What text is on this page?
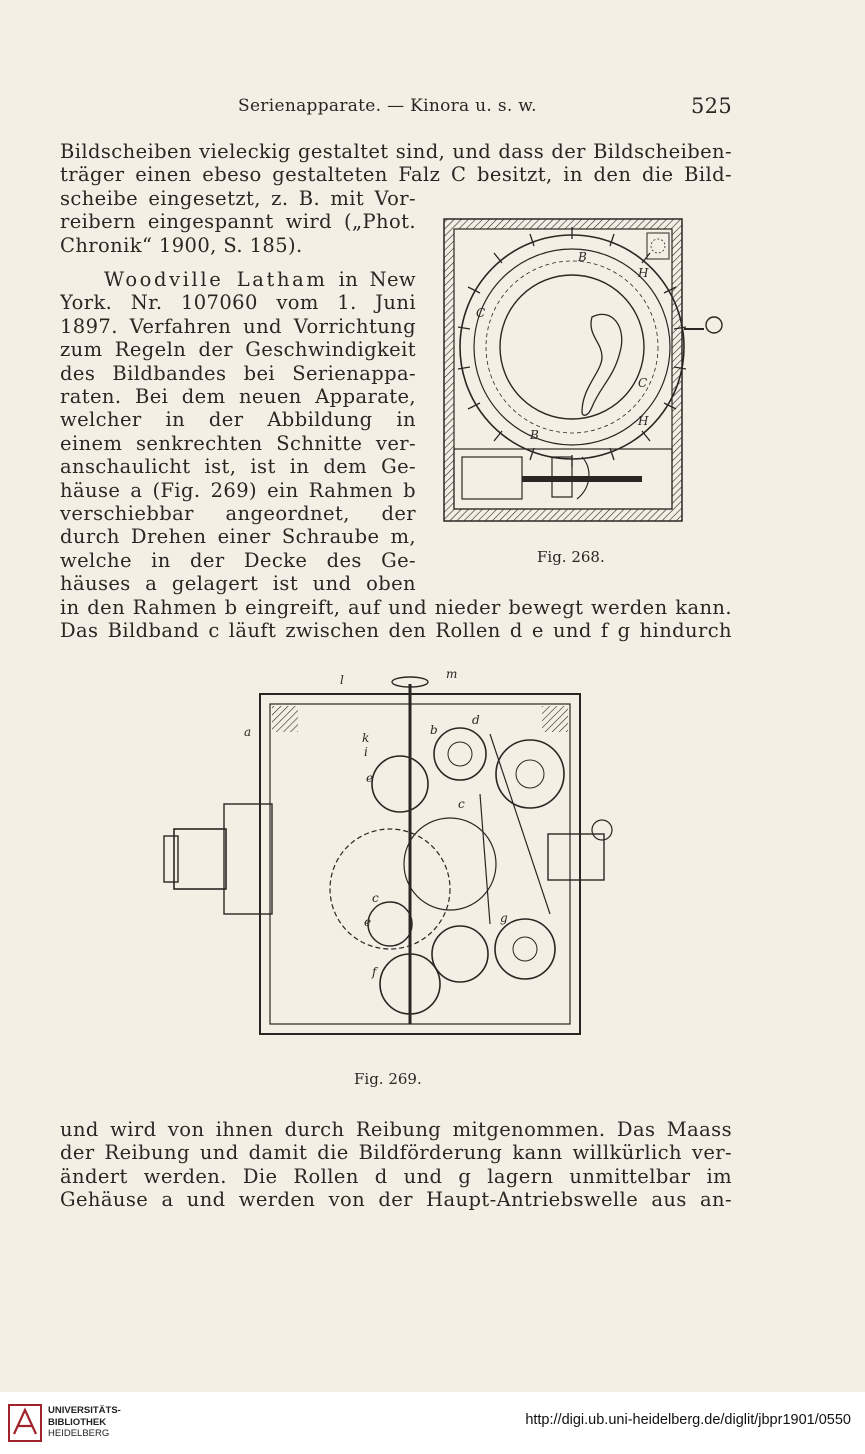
Serienapparate. — Kinora u. s. w.	525
Bildscheiben vieleckig gestaltet sind, und dass der Bildscheiben-
träger einen ebeso gestalteten Falz C besitzt, in den die Bild-
scheibe eingesetzt, z. B. mit Vor-
reibern eingespannt wird („Phot.
Chronik“ 1900, S. 185).
Woodville Latham in New
York. Nr. 107060 vom 1. Juni
1897. Verfahren und Vorrichtung
zum Regeln der Geschwindigkeit
des Bildbandes bei Serienappa-
raten. Bei dem neuen Apparate,
welcher in der Abbildung in
einem senkrechten Schnitte ver-
anschaulicht ist, ist in dem Ge-
häuse a (Fig. 269) ein Rahmen b
verschiebbar angeordnet, der
durch Drehen einer Schraube m,
welche in der Decke des Ge-
häuses a gelagert ist und oben
in den Rahmen b eingreift, auf und nieder bewegt werden kann.
Das Bildband c läuft zwischen den Rollen d e und f g hindurch
B
H
C
C
B
H
Fig. 268.
l	m
a	k
i
b
d
e
c
e
c
g
f
Fig. 269.
und wird von ihnen durch Reibung mitgenommen. Das Maass
der Reibung und damit die Bildförderung kann willkürlich ver-
ändert werden. Die Rollen d und g lagern unmittelbar im
Gehäuse a und werden von der Haupt-Antriebswelle aus an-
UNIVERSITÄTS-
BIBLIOTHEK
HEIDELBERG
http://digi.ub.uni-heidelberg.de/diglit/jbpr1901/0550
